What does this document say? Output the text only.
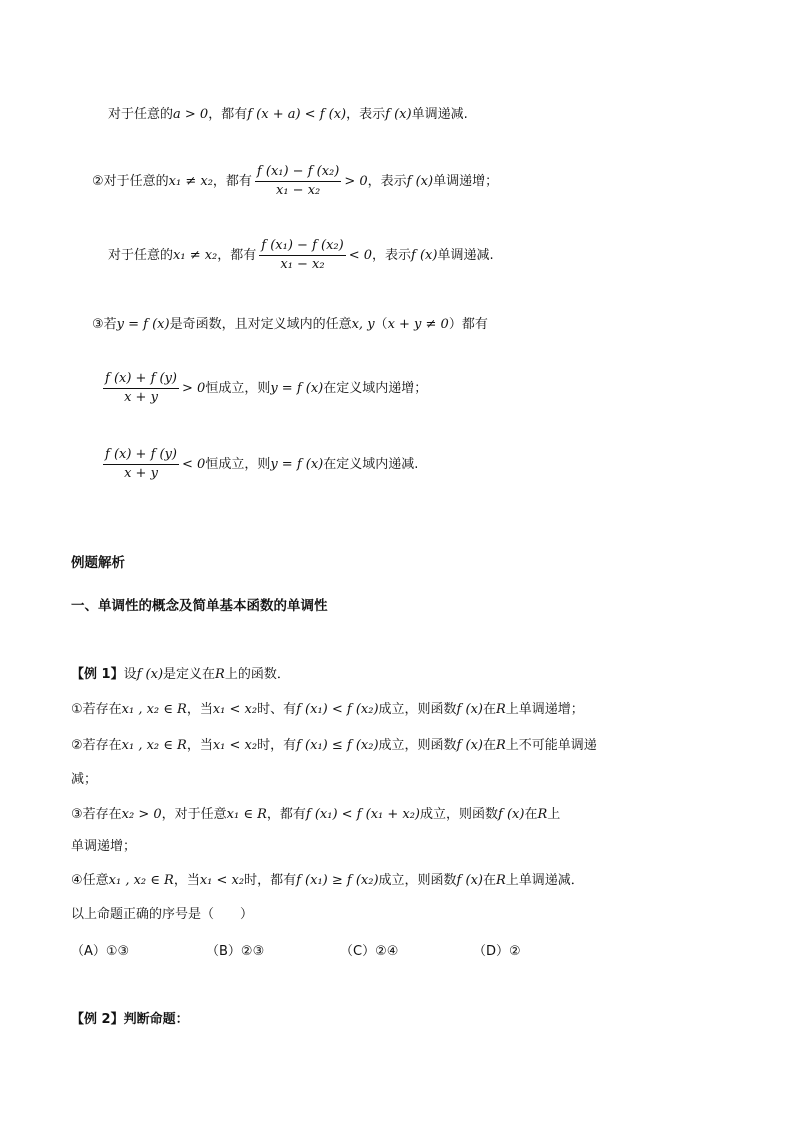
对于任意的 a > 0 ，都有 f (x + a) < f (x) ，表示 f (x) 单调递减.
②对于任意的 x₁ ≠ x₂ ，都有 $\frac{\text{f (x₁) − f (x₂)}}{\text{x₁ − x₂}} > 0$ ，表示 f (x) 单调递增；
对于任意的 x₁ ≠ x₂ ，都有 $\frac{\text{f (x₁) − f (x₂)}}{\text{x₁ − x₂}} < 0$ ，表示 f (x) 单调递减.
③若 y = f (x) 是奇函数，且对定义域内的任意 x, y （ x + y ≠ 0 ）都有
$\frac{f (x) + f (y)}{x + y} > 0$ 恒成立，则 y = f (x) 在定义域内递增；
$\frac{f (x) + f (y)}{x + y} < 0$ 恒成立，则 y = f (x) 在定义域内递减.
例题解析
一、单调性的概念及简单基本函数的单调性
【例 1】 设 f (x) 是定义在 R 上的函数．
①若存在 x₁ , x₂ ∈ R ，当 x₁ < x₂ 时、有 f (x₁) < f (x₂) 成立，则函数 f (x) 在 R 上单调递增；
②若存在 x₁ , x₂ ∈ R ，当 x₁ < x₂ 时，有 f (x₁) ≤ f (x₂) 成立，则函数 f (x) 在 R 上不可能单调递
减；
③若存在 x₂ > 0 ，对于任意 x₁ ∈ R ，都有 f (x₁) < f (x₁ + x₂) 成立，则函数 f (x) 在 R 上
单调递增；
④任意 x₁ , x₂ ∈ R ，当 x₁ < x₂ 时，都有 f (x₁) ≥ f (x₂) 成立，则函数 f (x) 在 R 上单调递减．
以上命题正确的序号是（　　）
（A）①③	（B）②③	（C）②④	（D）②
【例 2】 判断命题：
